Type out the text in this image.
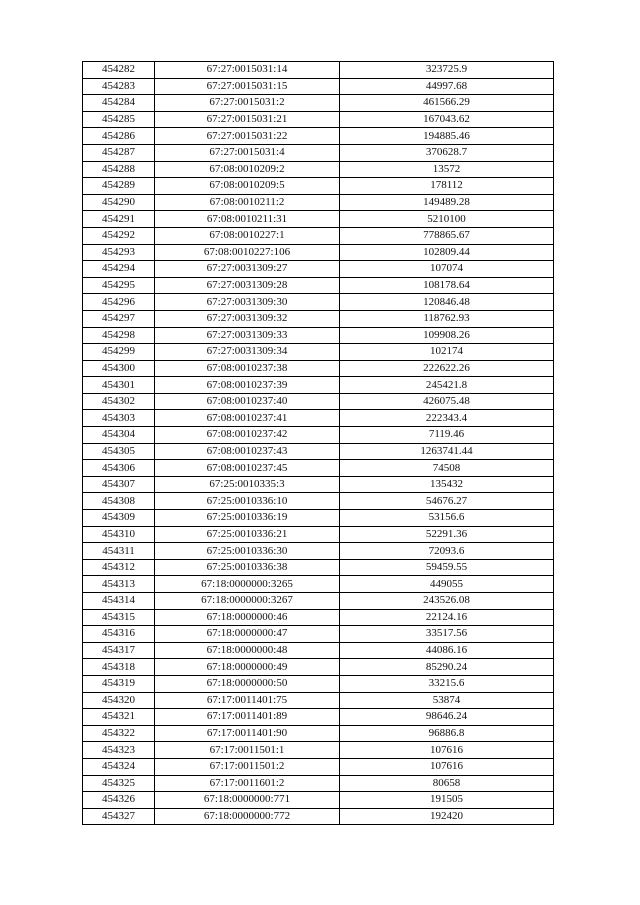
454282	67:27:0015031:14	323725.9
454283	67:27:0015031:15	44997.68
454284	67:27:0015031:2	461566.29
454285	67:27:0015031:21	167043.62
454286	67:27:0015031:22	194885.46
454287	67:27:0015031:4	370628.7
454288	67:08:0010209:2	13572
454289	67:08:0010209:5	178112
454290	67:08:0010211:2	149489.28
454291	67:08:0010211:31	5210100
454292	67:08:0010227:1	778865.67
454293	67:08:0010227:106	102809.44
454294	67:27:0031309:27	107074
454295	67:27:0031309:28	108178.64
454296	67:27:0031309:30	120846.48
454297	67:27:0031309:32	118762.93
454298	67:27:0031309:33	109908.26
454299	67:27:0031309:34	102174
454300	67:08:0010237:38	222622.26
454301	67:08:0010237:39	245421.8
454302	67:08:0010237:40	426075.48
454303	67:08:0010237:41	222343.4
454304	67:08:0010237:42	7119.46
454305	67:08:0010237:43	1263741.44
454306	67:08:0010237:45	74508
454307	67:25:0010335:3	135432
454308	67:25:0010336:10	54676.27
454309	67:25:0010336:19	53156.6
454310	67:25:0010336:21	52291.36
454311	67:25:0010336:30	72093.6
454312	67:25:0010336:38	59459.55
454313	67:18:0000000:3265	449055
454314	67:18:0000000:3267	243526.08
454315	67:18:0000000:46	22124.16
454316	67:18:0000000:47	33517.56
454317	67:18:0000000:48	44086.16
454318	67:18:0000000:49	85290.24
454319	67:18:0000000:50	33215.6
454320	67:17:0011401:75	53874
454321	67:17:0011401:89	98646.24
454322	67:17:0011401:90	96886.8
454323	67:17:0011501:1	107616
454324	67:17:0011501:2	107616
454325	67:17:0011601:2	80658
454326	67:18:0000000:771	191505
454327	67:18:0000000:772	192420
